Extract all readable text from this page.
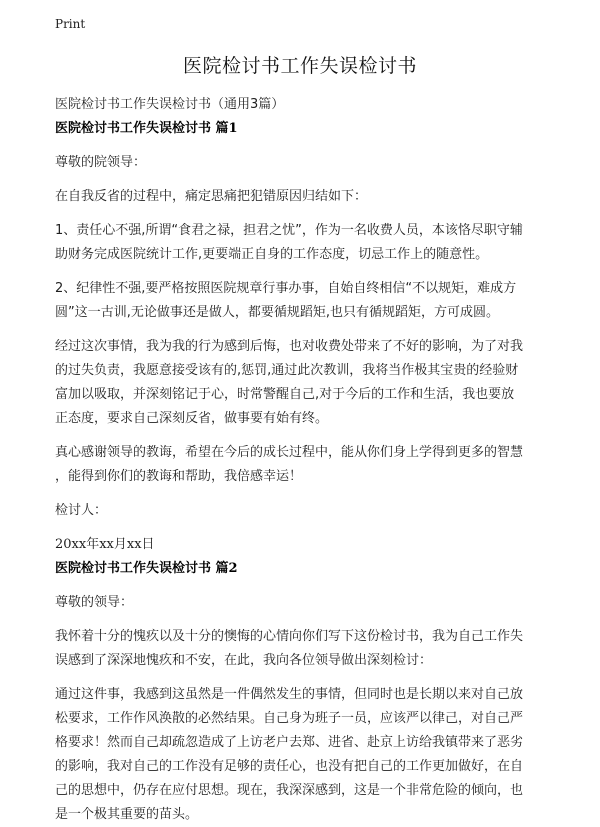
Print
医院检讨书工作失误检讨书

医院检讨书工作失误检讨书（通用3篇）

医院检讨书工作失误检讨书 篇1

尊敬的院领导：

在自我反省的过程中，痛定思痛把犯错原因归结如下：

1、责任心不强,所谓“食君之禄，担君之忧”，作为一名收费人员，本该恪尽职守辅

助财务完成医院统计工作,更要端正自身的工作态度，切忌工作上的随意性。

2、纪律性不强,要严格按照医院规章行事办事，自始自终相信“不以规矩，难成方

圆”这一古训,无论做事还是做人，都要循规蹈矩,也只有循规蹈矩，方可成圆。

经过这次事情，我为我的行为感到后悔，也对收费处带来了不好的影响，为了对我

的过失负责，我愿意接受该有的,惩罚,通过此次教训，我将当作极其宝贵的经验财

富加以吸取，并深刻铭记于心，时常警醒自己,对于今后的工作和生活，我也要放

正态度，要求自己深刻反省，做事要有始有终。

真心感谢领导的教诲，希望在今后的成长过程中，能从你们身上学得到更多的智慧

，能得到你们的教诲和帮助，我倍感幸运！

检讨人：

20xx年xx月xx日

医院检讨书工作失误检讨书 篇2

尊敬的领导：

我怀着十分的愧疚以及十分的懊悔的心情向你们写下这份检讨书，我为自己工作失

误感到了深深地愧疚和不安，在此，我向各位领导做出深刻检讨：

通过这件事，我感到这虽然是一件偶然发生的事情，但同时也是长期以来对自己放

松要求，工作作风涣散的必然结果。自己身为班子一员，应该严以律己，对自己严

格要求！然而自己却疏忽造成了上访老户去郑、进省、赴京上访给我镇带来了恶劣

的影响，我对自己的工作没有足够的责任心，也没有把自己的工作更加做好，在自

己的思想中，仍存在应付思想。现在，我深深感到，这是一个非常危险的倾向，也

是一个极其重要的苗头。
